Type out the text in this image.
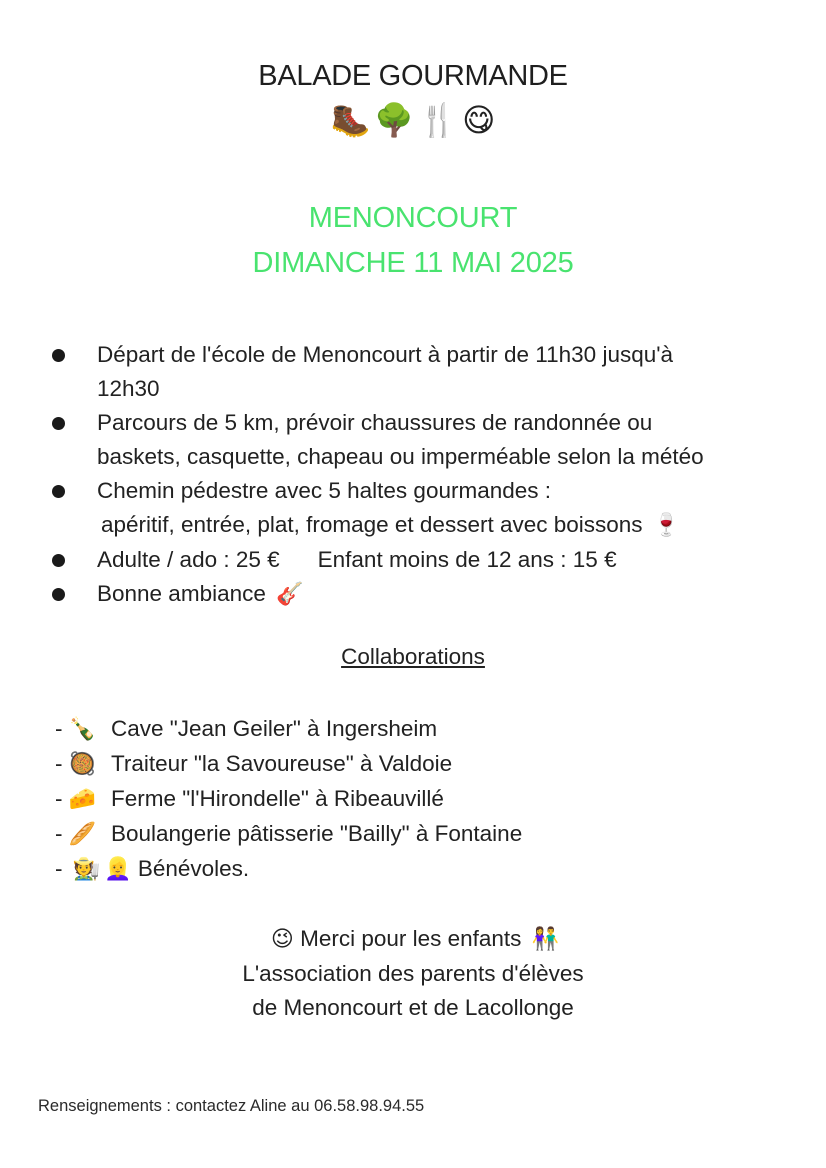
BALADE GOURMANDE
🥾 🌳 🍴 😋
MENONCOURT
DIMANCHE 11 MAI 2025
Départ de l'école de Menoncourt à partir de 11h30 jusqu'à
12h30
Parcours de 5 km, prévoir chaussures de randonnée ou
baskets, casquette, chapeau ou imperméable selon la météo
Chemin pédestre avec 5 haltes gourmandes :
apéritif, entrée, plat, fromage et dessert avec boissons 🍷
Adulte / ado : 25 € Enfant moins de 12 ans : 15 €
Bonne ambiance 🎸
Collaborations
- 🍾 Cave "Jean Geiler" à Ingersheim
- 🥘 Traiteur "la Savoureuse" à Valdoie
- 🧀 Ferme "l'Hirondelle" à Ribeauvillé
- 🥖 Boulangerie pâtisserie "Bailly" à Fontaine
- 🧑‍🌾 👱‍♀️ Bénévoles.
😉 Merci pour les enfants 👫
L'association des parents d'élèves
de Menoncourt et de Lacollonge
Renseignements : contactez Aline au 06.58.98.94.55
